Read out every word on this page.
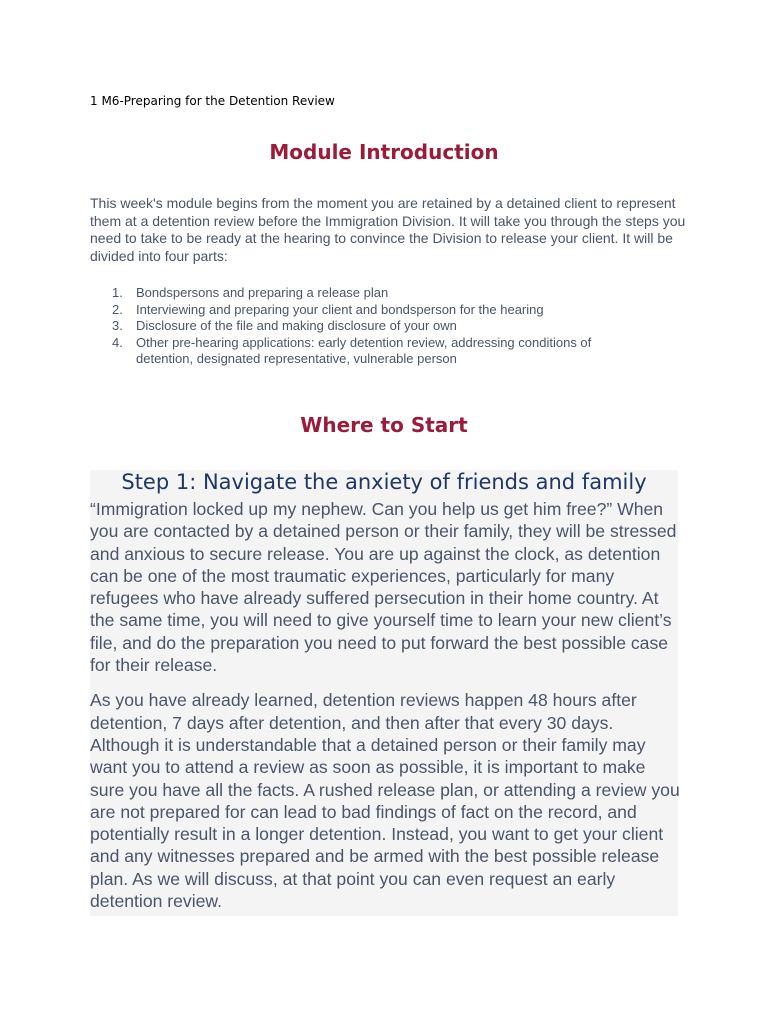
1 M6-Preparing for the Detention Review
Module Introduction

This week's module begins from the moment you are retained by a detained client to represent them at a detention review before the Immigration Division. It will take you through the steps you need to take to be ready at the hearing to convince the Division to release your client. It will be divided into four parts:

1. Bondspersons and preparing a release plan
2. Interviewing and preparing your client and bondsperson for the hearing
3. Disclosure of the file and making disclosure of your own
4. Other pre-hearing applications: early detention review, addressing conditions of detention, designated representative, vulnerable person
Where to Start
Step 1: Navigate the anxiety of friends and family

“Immigration locked up my nephew. Can you help us get him free?” When you are contacted by a detained person or their family, they will be stressed and anxious to secure release. You are up against the clock, as detention can be one of the most traumatic experiences, particularly for many refugees who have already suffered persecution in their home country. At the same time, you will need to give yourself time to learn your new client’s file, and do the preparation you need to put forward the best possible case for their release.

As you have already learned, detention reviews happen 48 hours after detention, 7 days after detention, and then after that every 30 days. Although it is understandable that a detained person or their family may want you to attend a review as soon as possible, it is important to make sure you have all the facts. A rushed release plan, or attending a review you are not prepared for can lead to bad findings of fact on the record, and potentially result in a longer detention. Instead, you want to get your client and any witnesses prepared and be armed with the best possible release plan. As we will discuss, at that point you can even request an early detention review.
